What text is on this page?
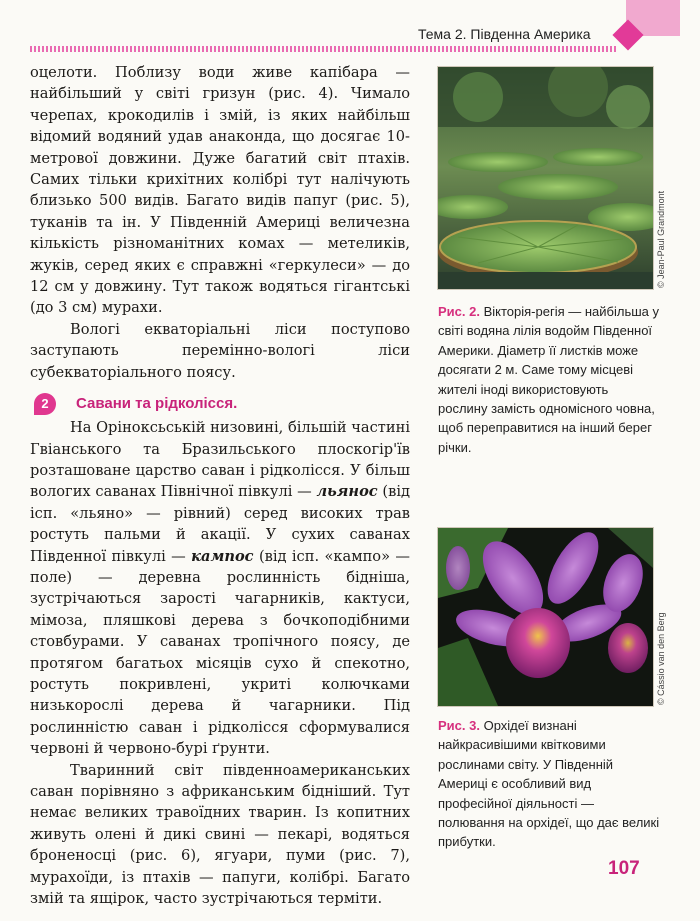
Тема 2. Південна Америка

оцелоти. Поблизу води живе капібара — найбільший у світі гризун (рис. 4). Чимало черепах, крокодилів і змій, із яких найбільш відомий водяний удав анаконда, що досягає 10-метрової довжини. Дуже багатий світ птахів. Самих тільки крихітних колібрі тут налічують близько 500 видів. Багато видів папуг (рис. 5), туканів та ін. У Південній Америці величезна кількість різноманітних комах — метеликів, жуків, серед яких є справжні «геркулеси» — до 12 см у довжину. Тут також водяться гігантські (до 3 см) мурахи.

Вологі екваторіальні ліси поступово заступають перемінно-вологі ліси субекваторіального поясу.

2	Савани та рідколісся.

На Оріноксьській низовині, більшій частині Гвіанського та Бразильського плоскогір'їв розташоване царство саван і рідколісся. У більш вологих саванах Північної півкулі — льянос (від ісп. «льяно» — рівний) серед високих трав ростуть пальми й акації. У сухих саванах Південної півкулі — кампос (від ісп. «кампо» — поле) — деревна рослинність бідніша, зустрічаються зарості чагарників, кактуси, мімоза, пляшкові дерева з бочкоподібними стовбурами. У саванах тропічного поясу, де протягом багатьох місяців сухо й спекотно, ростуть покривлені, укриті колючками низькорослі дерева й чагарники. Під рослинністю саван і рідколісся сформувалися червоні й червоно-бурі ґрунти.

Тваринний світ південноамериканських саван порівняно з африканським бідніший. Тут немає великих травоїдних тварин. Із копитних живуть олені й дикі свині — пекарі, водяться броненосці (рис. 6), ягуари, пуми (рис. 7), мурахоїди, із птахів — папуги, колібрі. Багато змій та ящірок, часто зустрічаються терміти.

© Jean-Paul Grandmont
Рис. 2. Вікторія-регія — найбільша у світі водяна лілія водойм Південної Америки. Діаметр її листків може досягати 2 м. Саме тому місцеві жителі іноді використовують рослину замість одномісного човна, щоб переправитися на інший берег річки.
© Cássio van den Berg
Рис. 3. Орхідеї визнані найкрасивішими квітковими рослинами світу. У Південній Америці є особливий вид професійної діяльності — полювання на орхідеї, що дає великі прибутки.
107
